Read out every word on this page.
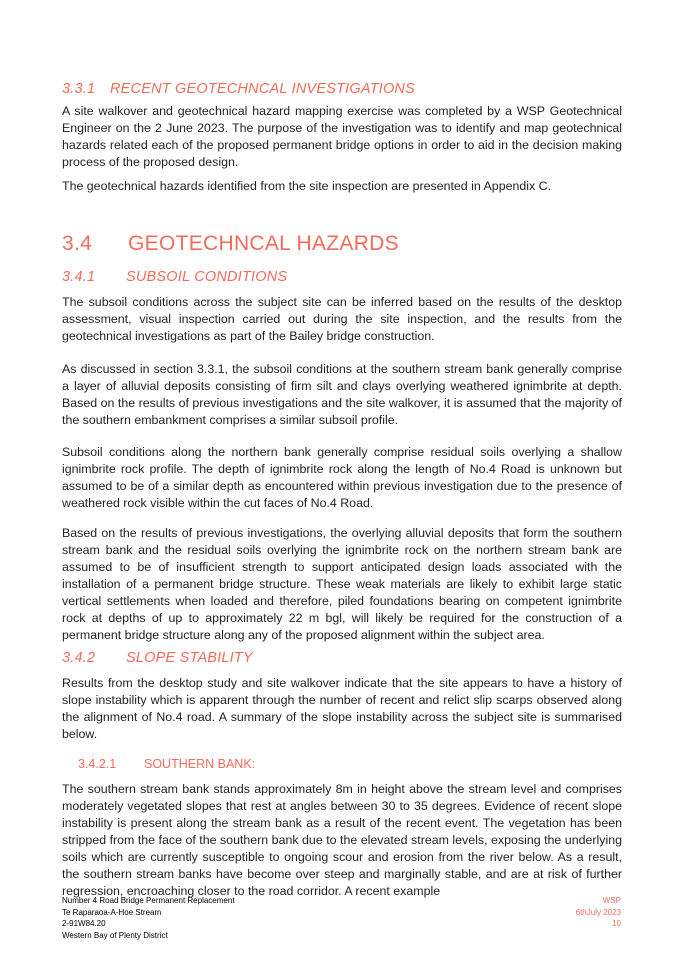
3.3.1 RECENT GEOTECHNCAL INVESTIGATIONS

A site walkover and geotechnical hazard mapping exercise was completed by a WSP Geotechnical Engineer on the 2 June 2023. The purpose of the investigation was to identify and map geotechnical hazards related each of the proposed permanent bridge options in order to aid in the decision making process of the proposed design.

The geotechnical hazards identified from the site inspection are presented in Appendix C.

3.4 GEOTECHNCAL HAZARDS
3.4.1 SUBSOIL CONDITIONS

The subsoil conditions across the subject site can be inferred based on the results of the desktop assessment, visual inspection carried out during the site inspection, and the results from the geotechnical investigations as part of the Bailey bridge construction.

As discussed in section 3.3.1, the subsoil conditions at the southern stream bank generally comprise a layer of alluvial deposits consisting of firm silt and clays overlying weathered ignimbrite at depth. Based on the results of previous investigations and the site walkover, it is assumed that the majority of the southern embankment comprises a similar subsoil profile.

Subsoil conditions along the northern bank generally comprise residual soils overlying a shallow ignimbrite rock profile. The depth of ignimbrite rock along the length of No.4 Road is unknown but assumed to be of a similar depth as encountered within previous investigation due to the presence of weathered rock visible within the cut faces of No.4 Road.

Based on the results of previous investigations, the overlying alluvial deposits that form the southern stream bank and the residual soils overlying the ignimbrite rock on the northern stream bank are assumed to be of insufficient strength to support anticipated design loads associated with the installation of a permanent bridge structure. These weak materials are likely to exhibit large static vertical settlements when loaded and therefore, piled foundations bearing on competent ignimbrite rock at depths of up to approximately 22 m bgl, will likely be required for the construction of a permanent bridge structure along any of the proposed alignment within the subject area.

3.4.2 SLOPE STABILITY

Results from the desktop study and site walkover indicate that the site appears to have a history of slope instability which is apparent through the number of recent and relict slip scarps observed along the alignment of No.4 road. A summary of the slope instability across the subject site is summarised below.

3.4.2.1 SOUTHERN BANK:

The southern stream bank stands approximately 8m in height above the stream level and comprises moderately vegetated slopes that rest at angles between 30 to 35 degrees. Evidence of recent slope instability is present along the stream bank as a result of the recent event. The vegetation has been stripped from the face of the southern bank due to the elevated stream levels, exposing the underlying soils which are currently susceptible to ongoing scour and erosion from the river below. As a result, the southern stream banks have become over steep and marginally stable, and are at risk of further regression, encroaching closer to the road corridor. A recent example

Number 4 Road Bridge Permanent Replacement
Te Raparaoa-A-Hoe Stream
2-91W84.20
Western Bay of Plenty District
WSP
6thJuly 2023
10
